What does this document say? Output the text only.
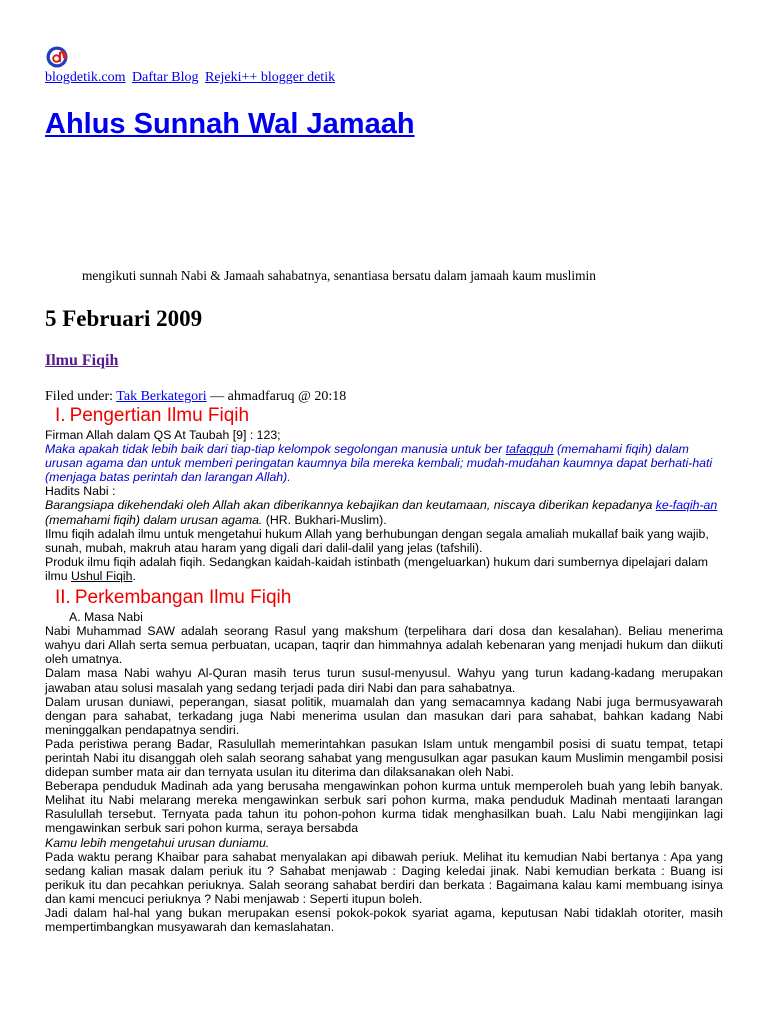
blogdetik.com Daftar Blog Rejeki++ blogger detik
Ahlus Sunnah Wal Jamaah

mengikuti sunnah Nabi & Jamaah sahabatnya, senantiasa bersatu dalam jamaah kaum muslimin

5 Februari 2009
Ilmu Fiqih

Filed under: Tak Berkategori — ahmadfaruq @ 20:18

I. Pengertian Ilmu Fiqih

Firman Allah dalam QS At Taubah [9] : 123;

Maka apakah tidak lebih baik dari tiap-tiap kelompok segolongan manusia untuk ber tafaqquh (memahami fiqih) dalam urusan agama dan untuk memberi peringatan kaumnya bila mereka kembali; mudah-mudahan kaumnya dapat berhati-hati (menjaga batas perintah dan larangan Allah).

Hadits Nabi :

Barangsiapa dikehendaki oleh Allah akan diberikannya kebajikan dan keutamaan, niscaya diberikan kepadanya ke-faqih-an (memahami fiqih) dalam urusan agama. (HR. Bukhari-Muslim).

Ilmu fiqih adalah ilmu untuk mengetahui hukum Allah yang berhubungan dengan segala amaliah mukallaf baik yang wajib, sunah, mubah, makruh atau haram yang digali dari dalil-dalil yang jelas (tafshili).

Produk ilmu fiqih adalah fiqih. Sedangkan kaidah-kaidah istinbath (mengeluarkan) hukum dari sumbernya dipelajari dalam ilmu Ushul Fiqih.

II. Perkembangan Ilmu Fiqih

A. Masa Nabi

Nabi Muhammad SAW adalah seorang Rasul yang makshum (terpelihara dari dosa dan kesalahan). Beliau menerima wahyu dari Allah serta semua perbuatan, ucapan, taqrir dan himmahnya adalah kebenaran yang menjadi hukum dan diikuti oleh umatnya.

Dalam masa Nabi wahyu Al-Quran masih terus turun susul-menyusul. Wahyu yang turun kadang-kadang merupakan jawaban atau solusi masalah yang sedang terjadi pada diri Nabi dan para sahabatnya.

Dalam urusan duniawi, peperangan, siasat politik, muamalah dan yang semacamnya kadang Nabi juga bermusyawarah dengan para sahabat, terkadang juga Nabi menerima usulan dan masukan dari para sahabat, bahkan kadang Nabi meninggalkan pendapatnya sendiri.

Pada peristiwa perang Badar, Rasulullah memerintahkan pasukan Islam untuk mengambil posisi di suatu tempat, tetapi perintah Nabi itu disanggah oleh salah seorang sahabat yang mengusulkan agar pasukan kaum Muslimin mengambil posisi didepan sumber mata air dan ternyata usulan itu diterima dan dilaksanakan oleh Nabi.

Beberapa penduduk Madinah ada yang berusaha mengawinkan pohon kurma untuk memperoleh buah yang lebih banyak. Melihat itu Nabi melarang mereka mengawinkan serbuk sari pohon kurma, maka penduduk Madinah mentaati larangan Rasulullah tersebut. Ternyata pada tahun itu pohon-pohon kurma tidak menghasilkan buah. Lalu Nabi mengijinkan lagi mengawinkan serbuk sari pohon kurma, seraya bersabda

Kamu lebih mengetahui urusan duniamu.

Pada waktu perang Khaibar para sahabat menyalakan api dibawah periuk. Melihat itu kemudian Nabi bertanya : Apa yang sedang kalian masak dalam periuk itu ? Sahabat menjawab : Daging keledai jinak. Nabi kemudian berkata : Buang isi perikuk itu dan pecahkan periuknya. Salah seorang sahabat berdiri dan berkata : Bagaimana kalau kami membuang isinya dan kami mencuci periuknya ? Nabi menjawab : Seperti itupun boleh.

Jadi dalam hal-hal yang bukan merupakan esensi pokok-pokok syariat agama, keputusan Nabi tidaklah otoriter, masih mempertimbangkan musyawarah dan kemaslahatan.
